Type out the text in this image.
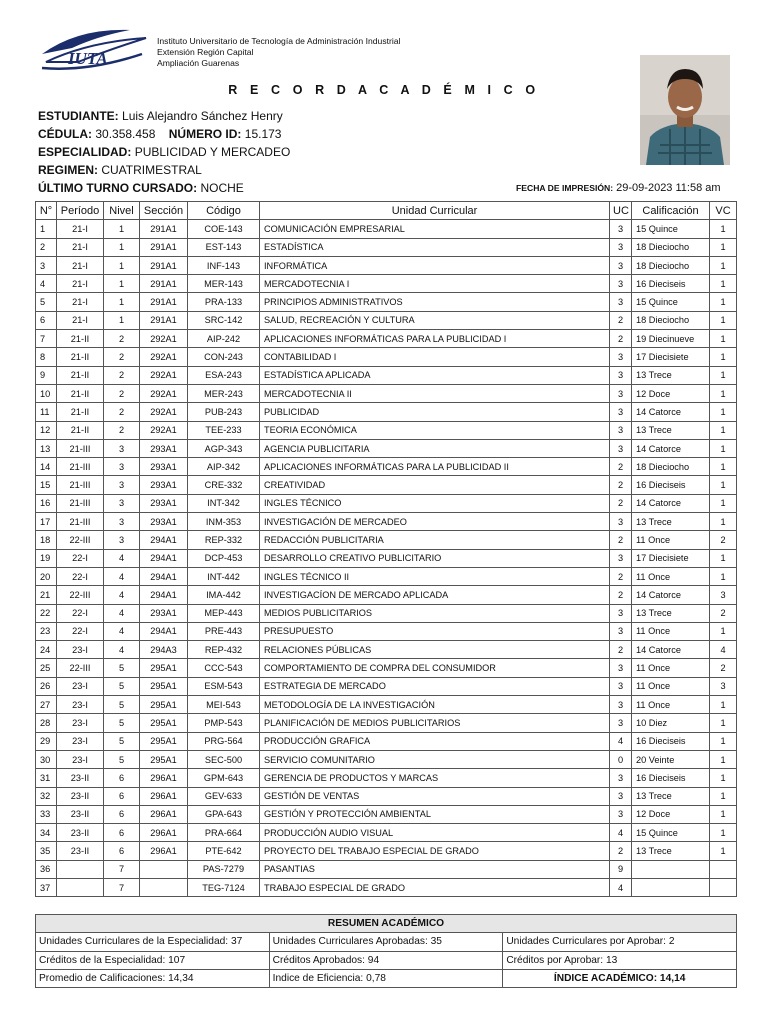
IUTA
Instituto Universitario de Tecnología de Administración Industrial
Extensión Región Capital
Ampliación Guarenas
R E C O R D A C A D É M I C O
ESTUDIANTE: Luis Alejandro Sánchez Henry
CÉDULA: 30.358.458 NÚMERO ID: 15.173
ESPECIALIDAD: PUBLICIDAD Y MERCADEO
REGIMEN: CUATRIMESTRAL
ÚLTIMO TURNO CURSADO: NOCHE	FECHA DE IMPRESIÓN: 29-09-2023 11:58 am
N°	Período	Nivel	Sección	Código	Unidad Curricular	UC	Calificación	VC
1	21-I	1	291A1	COE-143	COMUNICACIÓN EMPRESARIAL	3	15 Quince	1
2	21-I	1	291A1	EST-143	ESTADÍSTICA	3	18 Dieciocho	1
3	21-I	1	291A1	INF-143	INFORMÁTICA	3	18 Dieciocho	1
4	21-I	1	291A1	MER-143	MERCADOTECNIA I	3	16 Dieciseis	1
5	21-I	1	291A1	PRA-133	PRINCIPIOS ADMINISTRATIVOS	3	15 Quince	1
6	21-I	1	291A1	SRC-142	SALUD, RECREACIÓN Y CULTURA	2	18 Dieciocho	1
7	21-II	2	292A1	AIP-242	APLICACIONES INFORMÁTICAS PARA LA PUBLICIDAD I	2	19 Diecinueve	1
8	21-II	2	292A1	CON-243	CONTABILIDAD I	3	17 Diecisiete	1
9	21-II	2	292A1	ESA-243	ESTADÍSTICA APLICADA	3	13 Trece	1
10	21-II	2	292A1	MER-243	MERCADOTECNIA II	3	12 Doce	1
11	21-II	2	292A1	PUB-243	PUBLICIDAD	3	14 Catorce	1
12	21-II	2	292A1	TEE-233	TEORIA ECONÓMICA	3	13 Trece	1
13	21-III	3	293A1	AGP-343	AGENCIA PUBLICITARIA	3	14 Catorce	1
14	21-III	3	293A1	AIP-342	APLICACIONES INFORMÁTICAS PARA LA PUBLICIDAD II	2	18 Dieciocho	1
15	21-III	3	293A1	CRE-332	CREATIVIDAD	2	16 Dieciseis	1
16	21-III	3	293A1	INT-342	INGLES TÉCNICO	2	14 Catorce	1
17	21-III	3	293A1	INM-353	INVESTIGACIÓN DE MERCADEO	3	13 Trece	1
18	22-III	3	294A1	REP-332	REDACCIÓN PUBLICITARIA	2	11 Once	2
19	22-I	4	294A1	DCP-453	DESARROLLO CREATIVO PUBLICITARIO	3	17 Diecisiete	1
20	22-I	4	294A1	INT-442	INGLES TÉCNICO II	2	11 Once	1
21	22-III	4	294A1	IMA-442	INVESTIGACÍON DE MERCADO APLICADA	2	14 Catorce	3
22	22-I	4	293A1	MEP-443	MEDIOS PUBLICITARIOS	3	13 Trece	2
23	22-I	4	294A1	PRE-443	PRESUPUESTO	3	11 Once	1
24	23-I	4	294A3	REP-432	RELACIONES PÚBLICAS	2	14 Catorce	4
25	22-III	5	295A1	CCC-543	COMPORTAMIENTO DE COMPRA DEL CONSUMIDOR	3	11 Once	2
26	23-I	5	295A1	ESM-543	ESTRATEGIA DE MERCADO	3	11 Once	3
27	23-I	5	295A1	MEI-543	METODOLOGÍA DE LA INVESTIGACIÓN	3	11 Once	1
28	23-I	5	295A1	PMP-543	PLANIFICACIÓN DE MEDIOS PUBLICITARIOS	3	10 Diez	1
29	23-I	5	295A1	PRG-564	PRODUCCIÓN GRAFICA	4	16 Dieciseis	1
30	23-I	5	295A1	SEC-500	SERVICIO COMUNITARIO	0	20 Veinte	1
31	23-II	6	296A1	GPM-643	GERENCIA DE PRODUCTOS Y MARCAS	3	16 Dieciseis	1
32	23-II	6	296A1	GEV-633	GESTIÓN DE VENTAS	3	13 Trece	1
33	23-II	6	296A1	GPA-643	GESTIÓN Y PROTECCIÓN AMBIENTAL	3	12 Doce	1
34	23-II	6	296A1	PRA-664	PRODUCCIÓN AUDIO VISUAL	4	15 Quince	1
35	23-II	6	296A1	PTE-642	PROYECTO DEL TRABAJO ESPECIAL DE GRADO	2	13 Trece	1
36		7		PAS-7279	PASANTIAS	9		
37		7		TEG-7124	TRABAJO ESPECIAL DE GRADO	4		
RESUMEN ACADÉMICO		
Unidades Curriculares de la Especialidad: 37	Unidades Curriculares Aprobadas: 35	Unidades Curriculares por Aprobar: 2
Créditos de la Especialidad: 107	Créditos Aprobados: 94	Créditos por Aprobar: 13
Promedio de Calificaciones: 14,34	Indice de Eficiencia: 0,78	ÍNDICE ACADÉMICO: 14,14
